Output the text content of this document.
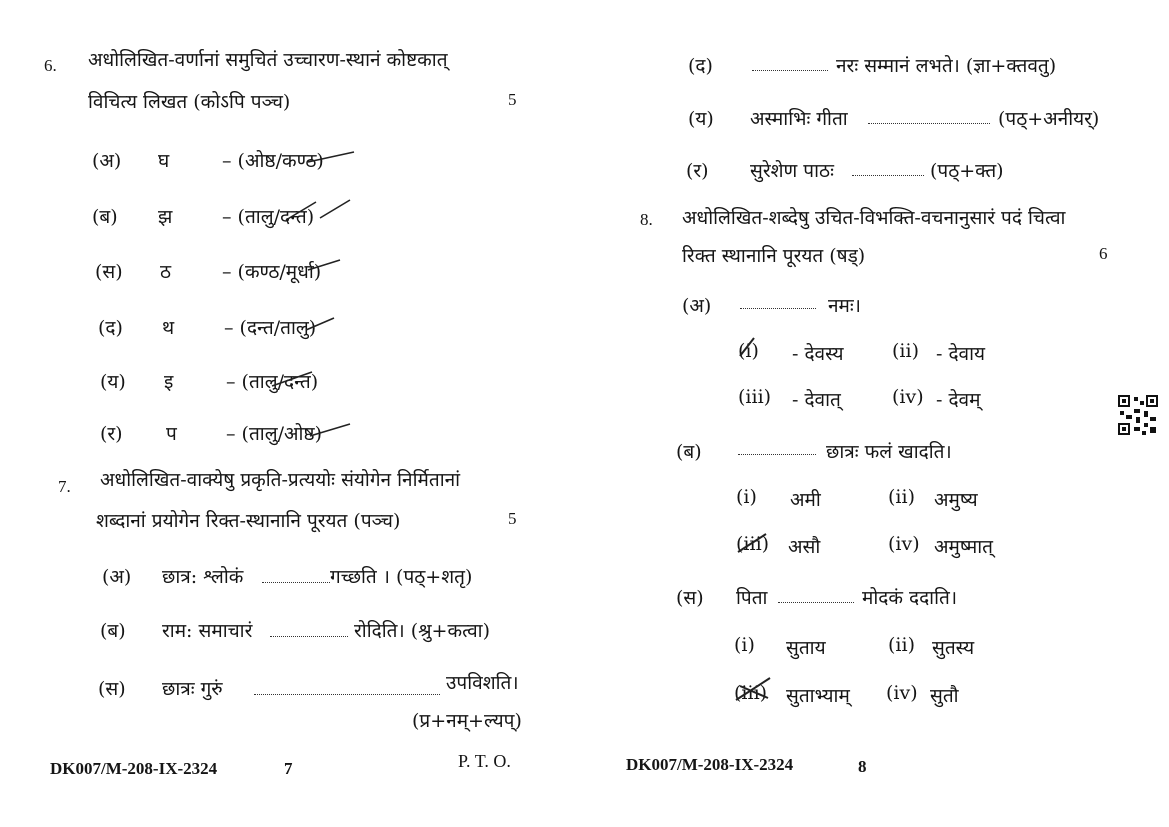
6. अधोलिखित-वर्णानां समुचितं उच्चारण-स्थानं कोष्टकात्
विचित्य लिखत (कोऽपि पञ्च)	5
(अ) घ	– (ओष्ठ/कण्ठ)
(ब) झ	– (तालु/दन्त)
(स) ठ	– (कण्ठ/मूर्धा)
(द) थ	– (दन्त/तालु)
(य) इ	– (तालु/दन्त)
(र) प	– (तालु/ओष्ठ)
7. अधोलिखित-वाक्येषु प्रकृति-प्रत्ययोः संयोगेन निर्मितानां
शब्दानां प्रयोगेन रिक्त-स्थानानि पूरयत (पञ्च)	5
(अ) छात्र: श्लोकं	गच्छति । (पठ्+शतृ)
(ब) राम: समाचारं	रोदिति। (श्रु+कत्वा)
(स) छात्रः गुरुं	उपविशति।
(प्र+नम्+ल्यप्)
DK007/M-208-IX-2324	7	P. T. O.
(द)	नरः सम्मानं लभते। (ज्ञा+क्तवतु)
(य) अस्माभिः गीता	(पठ्+अनीयर्)
(र) सुरेशेण पाठः	(पठ्+क्त)
8. अधोलिखित-शब्देषु उचित-विभक्ति-वचनानुसारं पदं चित्वा
रिक्त स्थानानि पूरयत (षड्)	6
(अ)	नमः।
(i) - देवस्य	(ii) - देवाय
(iii) - देवात्	(iv) - देवम्
(ब)	छात्रः फलं खादति।
(i) अमी	(ii) अमुष्य
(iii) असौ	(iv) अमुष्मात्
(स) पिता	मोदकं ददाति।
(i) सुताय	(ii) सुतस्य
(iii) सुताभ्याम् (iv) सुतौ
DK007/M-208-IX-2324	8
